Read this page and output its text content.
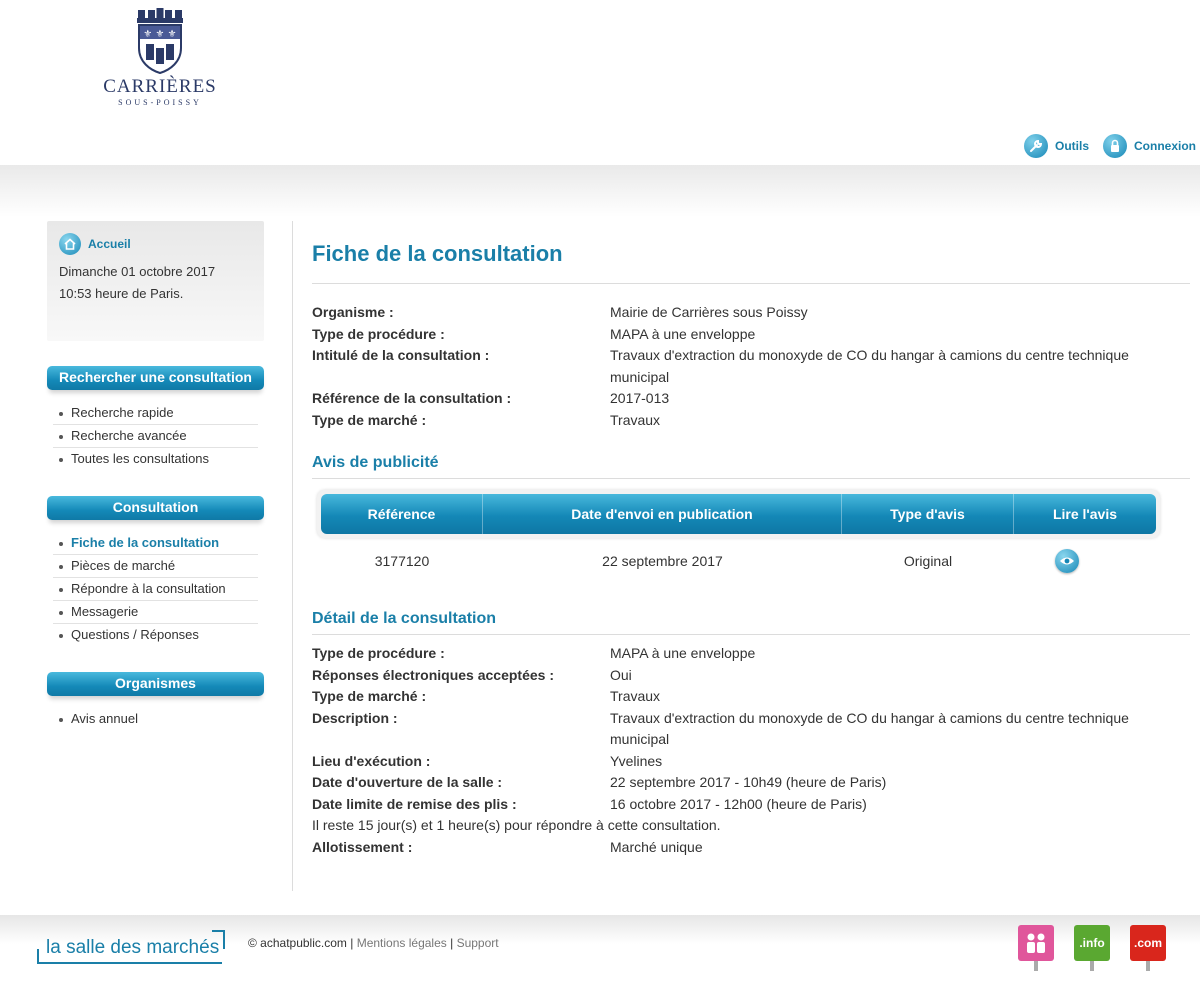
⚜ ⚜ ⚜
CARRIÈRES
SOUS-POISSY
Outils	Connexion
Accueil
Dimanche 01 octobre 2017
10:53 heure de Paris.
Rechercher une consultation
Recherche rapide
Recherche avancée
Toutes les consultations
Consultation
Fiche de la consultation
Pièces de marché
Répondre à la consultation
Messagerie
Questions / Réponses
Organismes
Avis annuel
Fiche de la consultation
Organisme :	Mairie de Carrières sous Poissy
Type de procédure :	MAPA à une enveloppe
Intitulé de la consultation :	Travaux d'extraction du monoxyde de CO du hangar à camions du centre technique municipal
Référence de la consultation :	2017-013
Type de marché :	Travaux
Avis de publicité
Référence	Date d'envoi en publication	Type d'avis	Lire l'avis
3177120	22 septembre 2017	Original
Détail de la consultation
Type de procédure :	MAPA à une enveloppe
Réponses électroniques acceptées :	Oui
Type de marché :	Travaux
Description :	Travaux d'extraction du monoxyde de CO du hangar à camions du centre technique municipal
Lieu d'exécution :	Yvelines
Date d'ouverture de la salle :	22 septembre 2017 - 10h49 (heure de Paris)
Date limite de remise des plis :	16 octobre 2017 - 12h00 (heure de Paris)
Il reste 15 jour(s) et 1 heure(s) pour répondre à cette consultation.
Allotissement :	Marché unique
la salle des marchés © achatpublic.com | Mentions légales | Support	.info	.com
